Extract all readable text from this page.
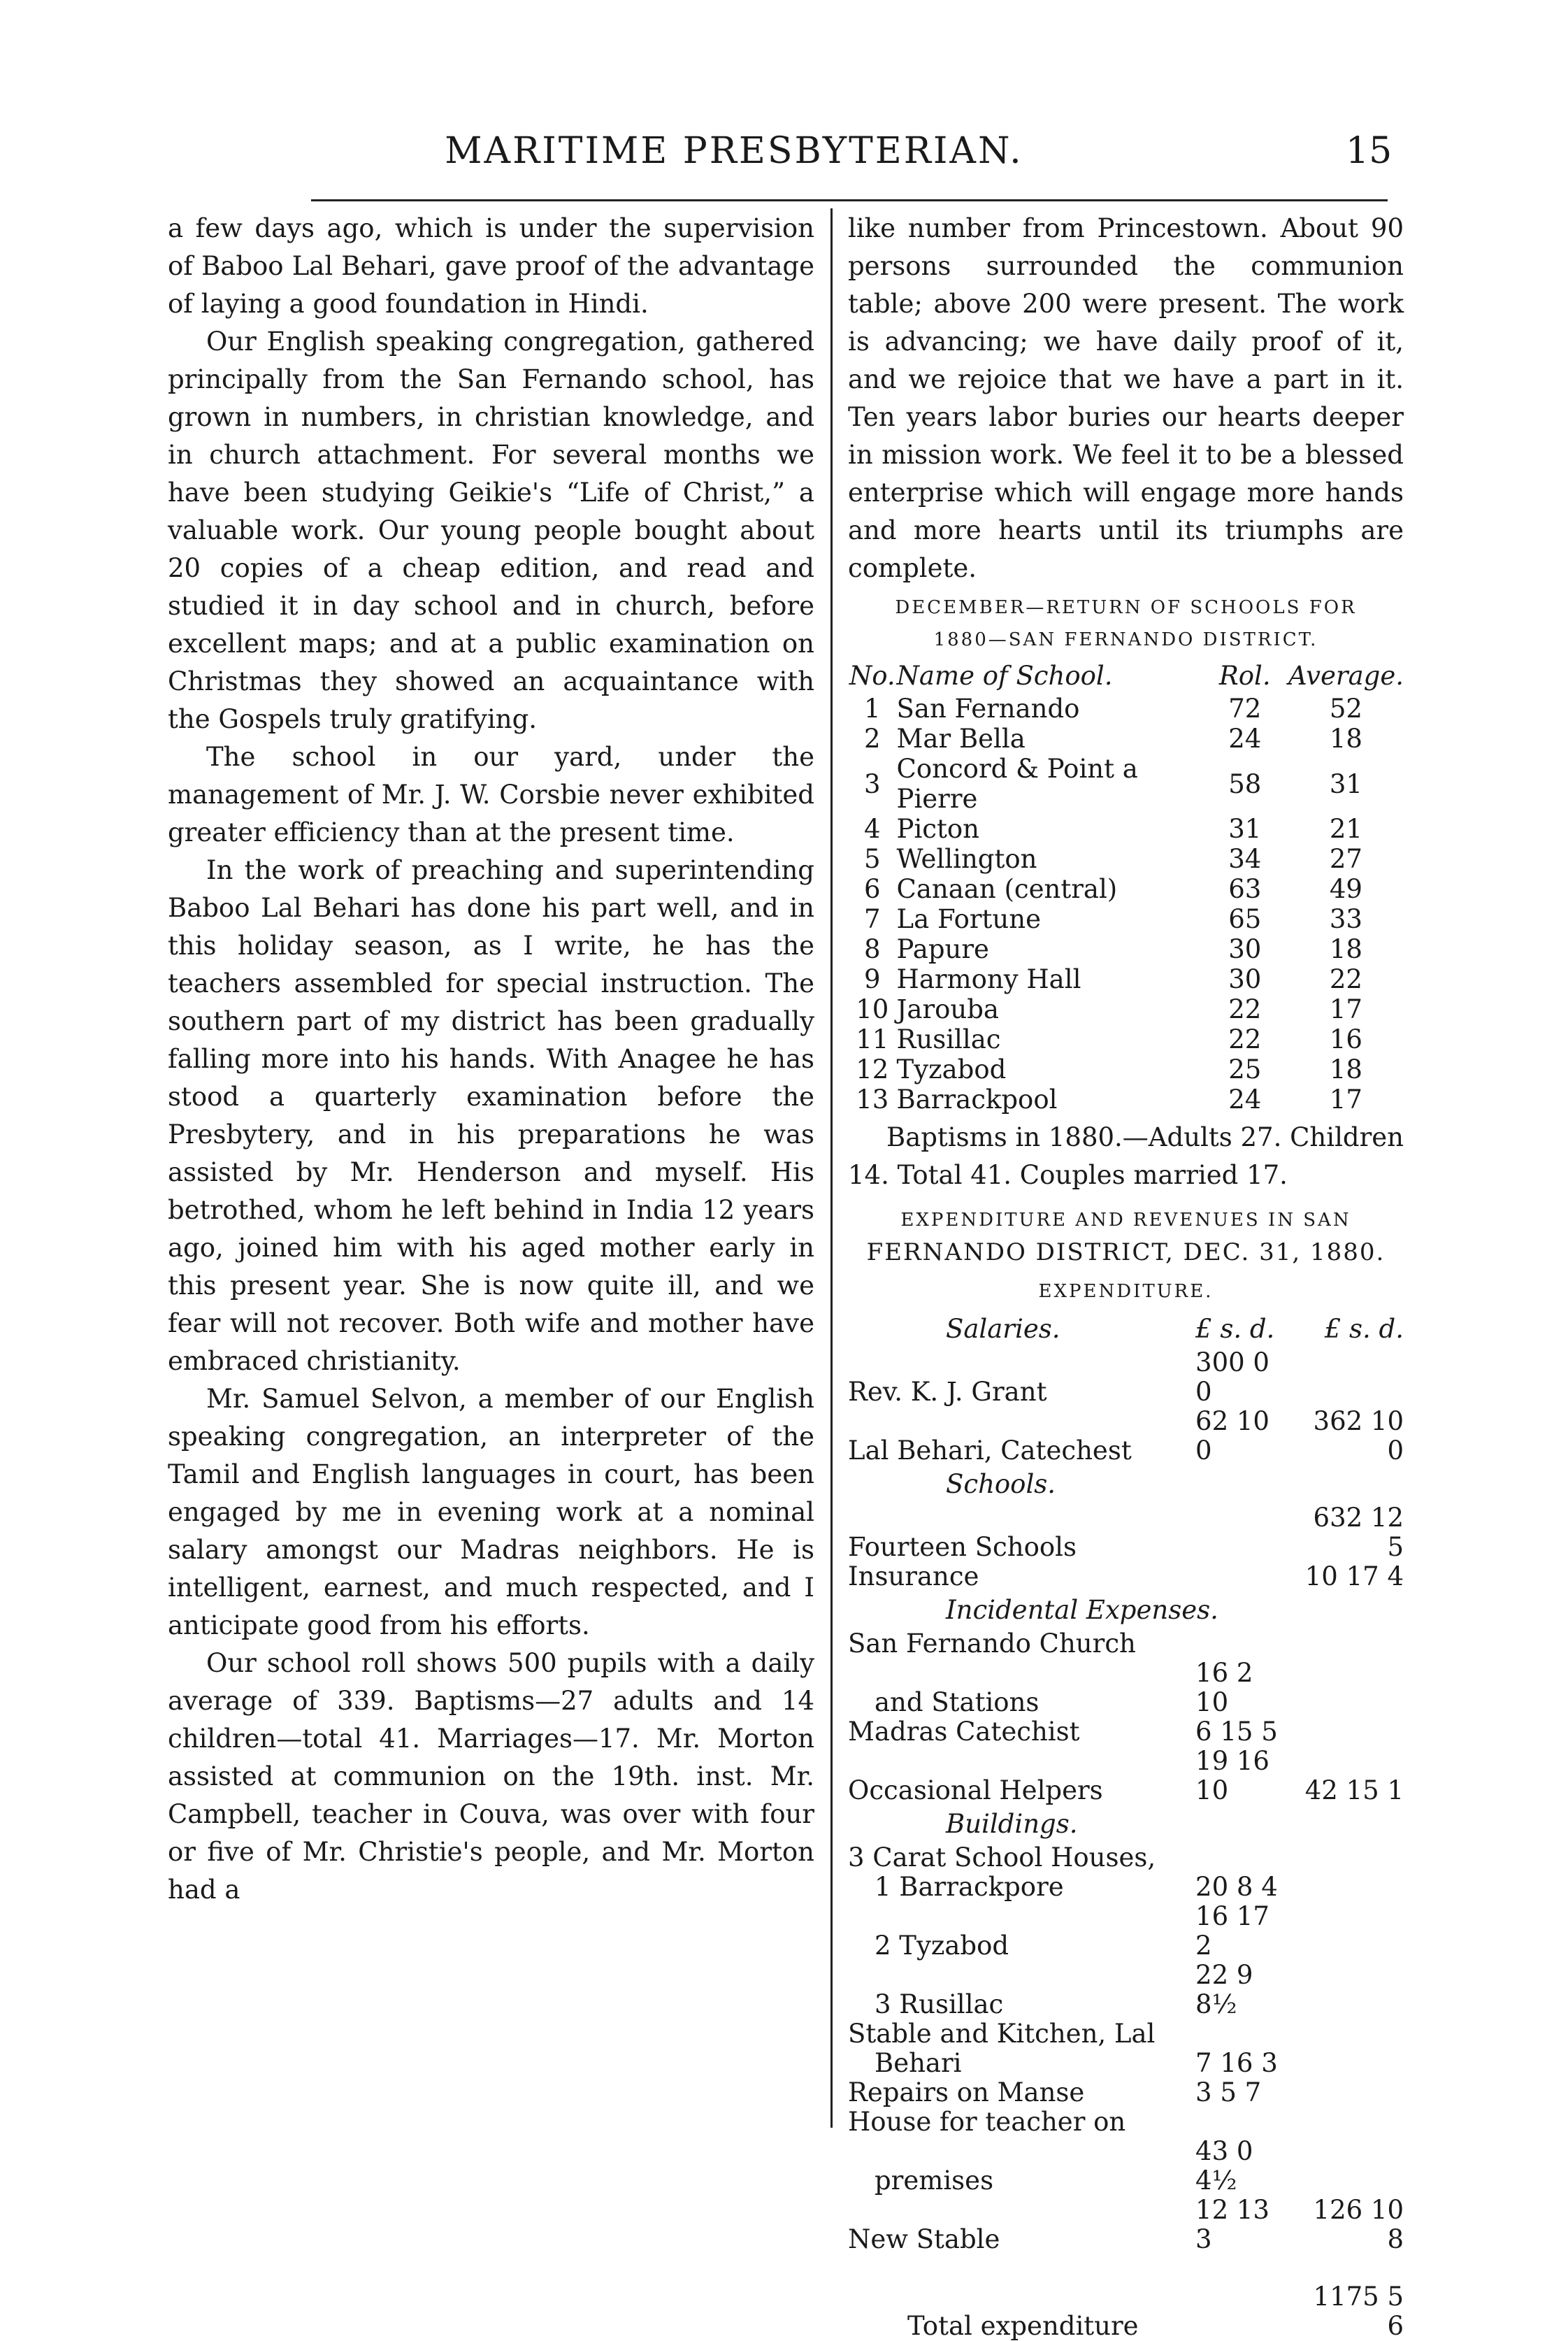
MARITIME PRESBYTERIAN.	15

a few days ago, which is under the supervision of Baboo Lal Behari, gave proof of the advantage of laying a good foundation in Hindi.

Our English speaking congregation, gathered principally from the San Fernando school, has grown in numbers, in christian knowledge, and in church attachment. For several months we have been studying Geikie's “Life of Christ,” a valuable work. Our young people bought about 20 copies of a cheap edition, and read and studied it in day school and in church, before excellent maps; and at a public examination on Christmas they showed an acquaintance with the Gospels truly gratifying.

The school in our yard, under the management of Mr. J. W. Corsbie never exhibited greater efficiency than at the present time.

In the work of preaching and superintending Baboo Lal Behari has done his part well, and in this holiday season, as I write, he has the teachers assembled for special instruction. The southern part of my district has been gradually falling more into his hands. With Anagee he has stood a quarterly examination before the Presbytery, and in his preparations he was assisted by Mr. Henderson and myself. His betrothed, whom he left behind in India 12 years ago, joined him with his aged mother early in this present year. She is now quite ill, and we fear will not recover. Both wife and mother have embraced christianity.

Mr. Samuel Selvon, a member of our English speaking congregation, an interpreter of the Tamil and English languages in court, has been engaged by me in evening work at a nominal salary amongst our Madras neighbors. He is intelligent, earnest, and much respected, and I anticipate good from his efforts.

Our school roll shows 500 pupils with a daily average of 339. Baptisms—27 adults and 14 children—total 41. Marriages—17. Mr. Morton assisted at communion on the 19th. inst. Mr. Campbell, teacher in Couva, was over with four or five of Mr. Christie's people, and Mr. Morton had a

like number from Princestown. About 90 persons surrounded the communion table; above 200 were present. The work is advancing; we have daily proof of it, and we rejoice that we have a part in it. Ten years labor buries our hearts deeper in mission work. We feel it to be a blessed enterprise which will engage more hands and more hearts until its triumphs are complete.

DECEMBER—RETURN OF SCHOOLS FOR
1880—SAN FERNANDO DISTRICT.
No.	Name of School.	Rol.	Average.
1	San Fernando	72	52
2	Mar Bella	24	18
3	Concord & Point a Pierre	58	31
4	Picton	31	21
5	Wellington	34	27
6	Canaan (central)	63	49
7	La Fortune	65	33
8	Papure	30	18
9	Harmony Hall	30	22
10	Jarouba	22	17
11	Rusillac	22	16
12	Tyzabod	25	18
13	Barrackpool	24	17

Baptisms in 1880.—Adults 27. Children 14. Total 41. Couples married 17.

EXPENDITURE AND REVENUES IN SAN
FERNANDO DISTRICT, DEC. 31, 1880.
EXPENDITURE.
Salaries.	£ s. d.	£ s. d.
Rev. K. J. Grant	300 0 0	
Lal Behari, Catechest	62 10 0	362 10 0
Schools.		
Fourteen Schools		632 12 5
Insurance		10 17 4
Incidental Expenses.		
San Fernando Church		
and Stations	16 2 10	
Madras Catechist	6 15 5	
Occasional Helpers	19 16 10	42 15 1
Buildings.		
3 Carat School Houses,		
1 Barrackpore	20 8 4	
2 Tyzabod	16 17 2	
3 Rusillac	22 9 8½	
Stable and Kitchen, Lal		
Behari	7 16 3	
Repairs on Manse	3 5 7	
House for teacher on		
premises	43 0 4½	
New Stable	12 13 3	126 10 8
Total expenditure		1175 5 6
